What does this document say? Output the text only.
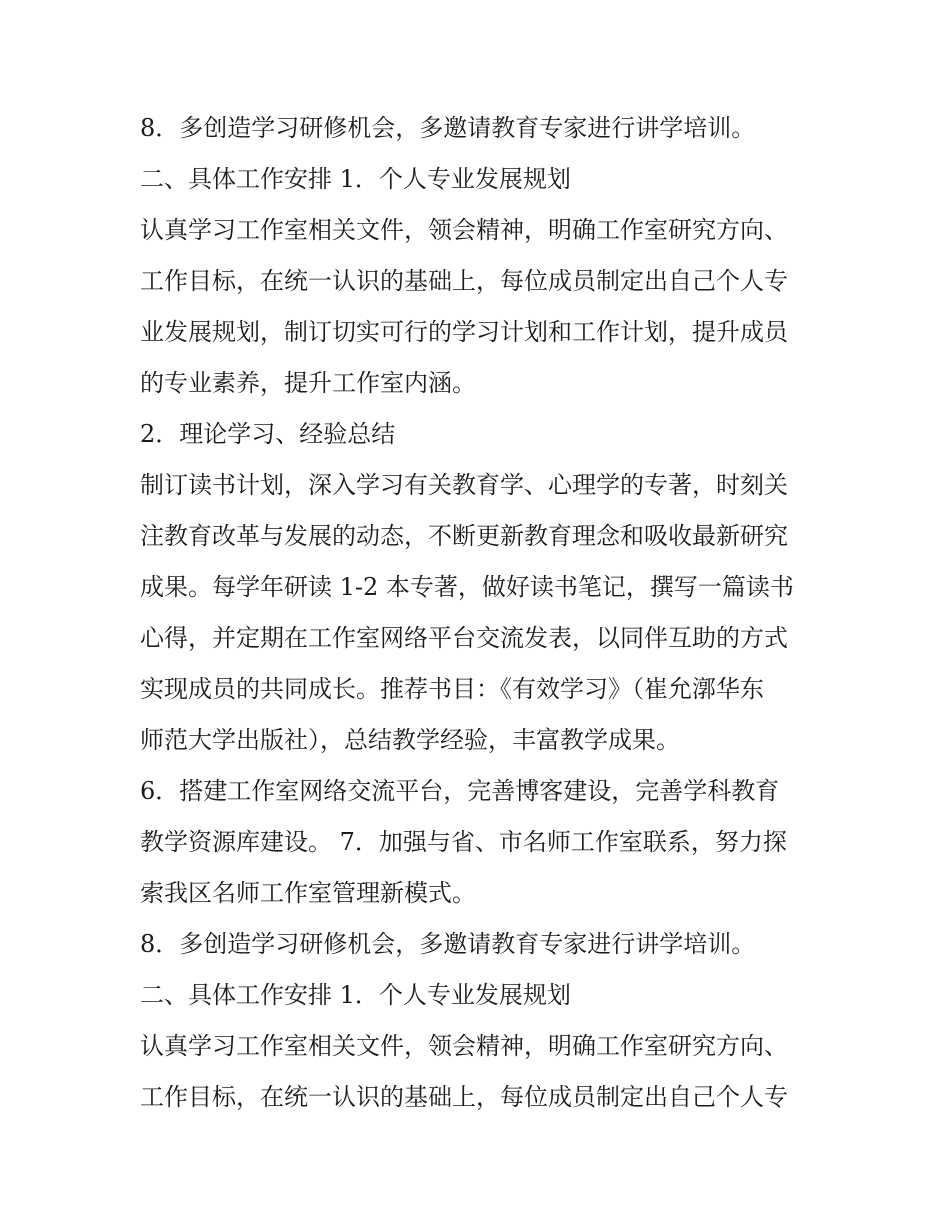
8．多创造学习研修机会，多邀请教育专家进行讲学培训。

二、具体工作安排 1．个人专业发展规划

认真学习工作室相关文件，领会精神，明确工作室研究方向、

工作目标，在统一认识的基础上，每位成员制定出自己个人专

业发展规划，制订切实可行的学习计划和工作计划，提升成员

的专业素养，提升工作室内涵。

2．理论学习、经验总结

制订读书计划，深入学习有关教育学、心理学的专著，时刻关

注教育改革与发展的动态，不断更新教育理念和吸收最新研究

成果。每学年研读 1-2 本专著，做好读书笔记，撰写一篇读书

心得，并定期在工作室网络平台交流发表，以同伴互助的方式

实现成员的共同成长。推荐书目：《有效学习》（崔允漷华东

师范大学出版社），总结教学经验，丰富教学成果。

6．搭建工作室网络交流平台，完善博客建设，完善学科教育

教学资源库建设。 7．加强与省、市名师工作室联系，努力探

索我区名师工作室管理新模式。

8．多创造学习研修机会，多邀请教育专家进行讲学培训。

二、具体工作安排 1．个人专业发展规划

认真学习工作室相关文件，领会精神，明确工作室研究方向、

工作目标，在统一认识的基础上，每位成员制定出自己个人专
